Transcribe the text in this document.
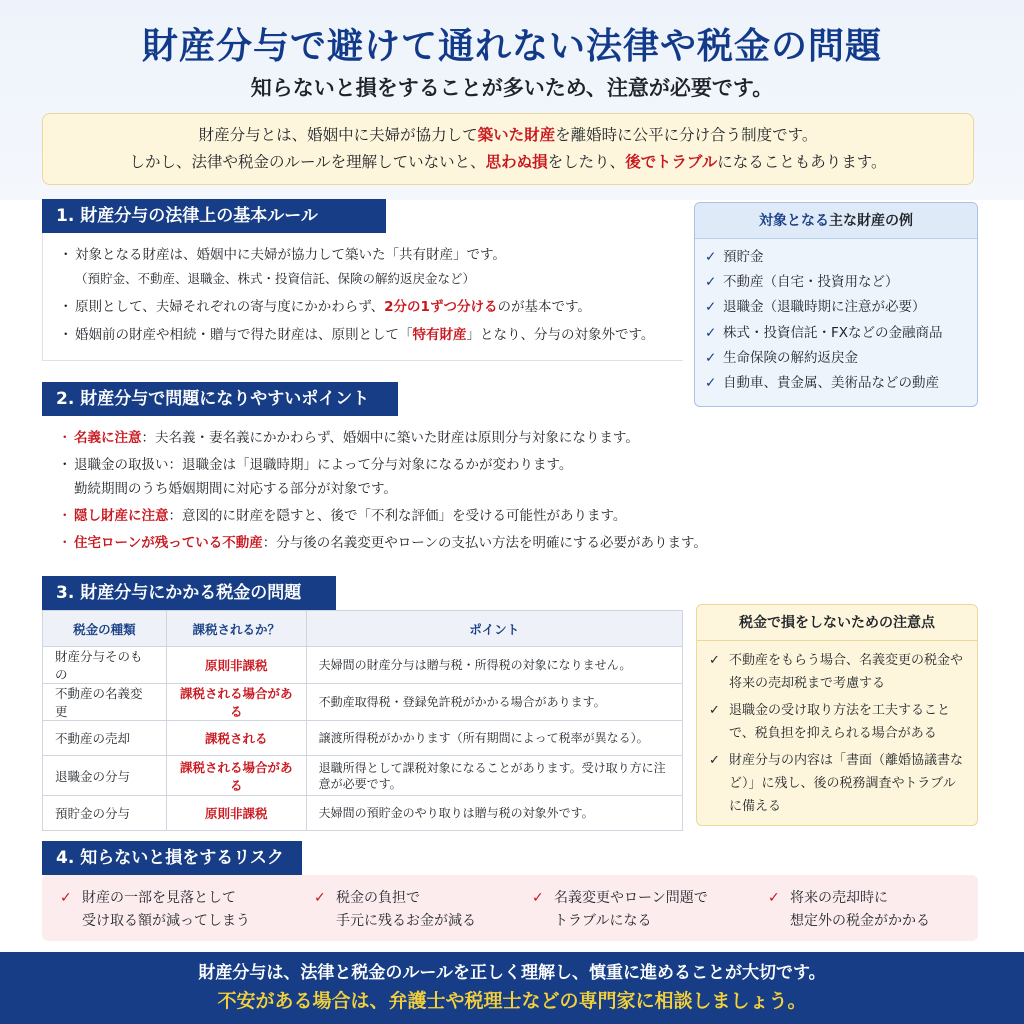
財産分与で避けて通れない法律や税金の問題
知らないと損をすることが多いため、注意が必要です。
財産分与とは、婚姻中に夫婦が協力して築いた財産を離婚時に公平に分け合う制度です。
しかし、法律や税金のルールを理解していないと、思わぬ損をしたり、後でトラブルになることもあります。
1. 財産分与の法律上の基本ルール
・ 対象となる財産は、婚姻中に夫婦が協力して築いた「共有財産」です。
（預貯金、不動産、退職金、株式・投資信託、保険の解約返戻金など）
・ 原則として、夫婦それぞれの寄与度にかかわらず、2分の1ずつ分けるのが基本です。
・ 婚姻前の財産や相続・贈与で得た財産は、原則として「特有財産」となり、分与の対象外です。
対象となる主な財産の例
✓ 預貯金
✓ 不動産（自宅・投資用など）
✓ 退職金（退職時期に注意が必要）
✓ 株式・投資信託・FXなどの金融商品
✓ 生命保険の解約返戻金
✓ 自動車、貴金属、美術品などの動産
2. 財産分与で問題になりやすいポイント
・ 名義に注意：夫名義・妻名義にかかわらず、婚姻中に築いた財産は原則分与対象になります。
・ 退職金の取扱い：退職金は「退職時期」によって分与対象になるかが変わります。
勤続期間のうち婚姻期間に対応する部分が対象です。
・ 隠し財産に注意：意図的に財産を隠すと、後で「不利な評価」を受ける可能性があります。
・ 住宅ローンが残っている不動産：分与後の名義変更やローンの支払い方法を明確にする必要があります。
3. 財産分与にかかる税金の問題
税金の種類	課税されるか？	ポイント
財産分与そのもの	原則非課税	夫婦間の財産分与は贈与税・所得税の対象になりません。
不動産の名義変更	課税される場合がある	不動産取得税・登録免許税がかかる場合があります。
不動産の売却	課税される	譲渡所得税がかかります（所有期間によって税率が異なる）。
退職金の分与	課税される場合がある	退職所得として課税対象になることがあります。受け取り方に注意が必要です。
預貯金の分与	原則非課税	夫婦間の預貯金のやり取りは贈与税の対象外です。
税金で損をしないための注意点
✓ 不動産をもらう場合、名義変更の税金や将来の売却税まで考慮する
✓ 退職金の受け取り方法を工夫することで、税負担を抑えられる場合がある
✓ 財産分与の内容は「書面（離婚協議書など）」に残し、後の税務調査やトラブルに備える
4. 知らないと損をするリスク
✓ 財産の一部を見落として
受け取る額が減ってしまう
✓ 税金の負担で
手元に残るお金が減る
✓ 名義変更やローン問題で
トラブルになる
✓ 将来の売却時に
想定外の税金がかかる
財産分与は、法律と税金のルールを正しく理解し、慎重に進めることが大切です。
不安がある場合は、弁護士や税理士などの専門家に相談しましょう。
